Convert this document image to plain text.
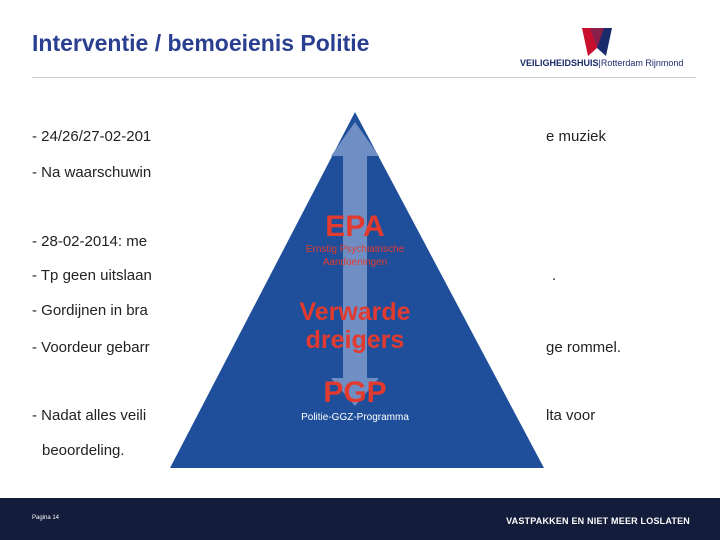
Interventie / bemoeienis Politie
VEILIGHEIDSHUIS|Rotterdam Rijnmond
- 24/26/27-02-201	e muziek
- Na waarschuwin
- 28-02-2014: me
- Tp geen uitslaan	.
- Gordijnen in bra
- Voordeur gebarr	ge rommel.
- Nadat alles veili	lta voor
beoordeling.
EPA
Ernstig Psychiatrische
Aandoeningen
Verwarde
dreigers
PGP
Politie-GGZ-Programma
Pagina 14	VASTPAKKEN EN NIET MEER LOSLATEN
